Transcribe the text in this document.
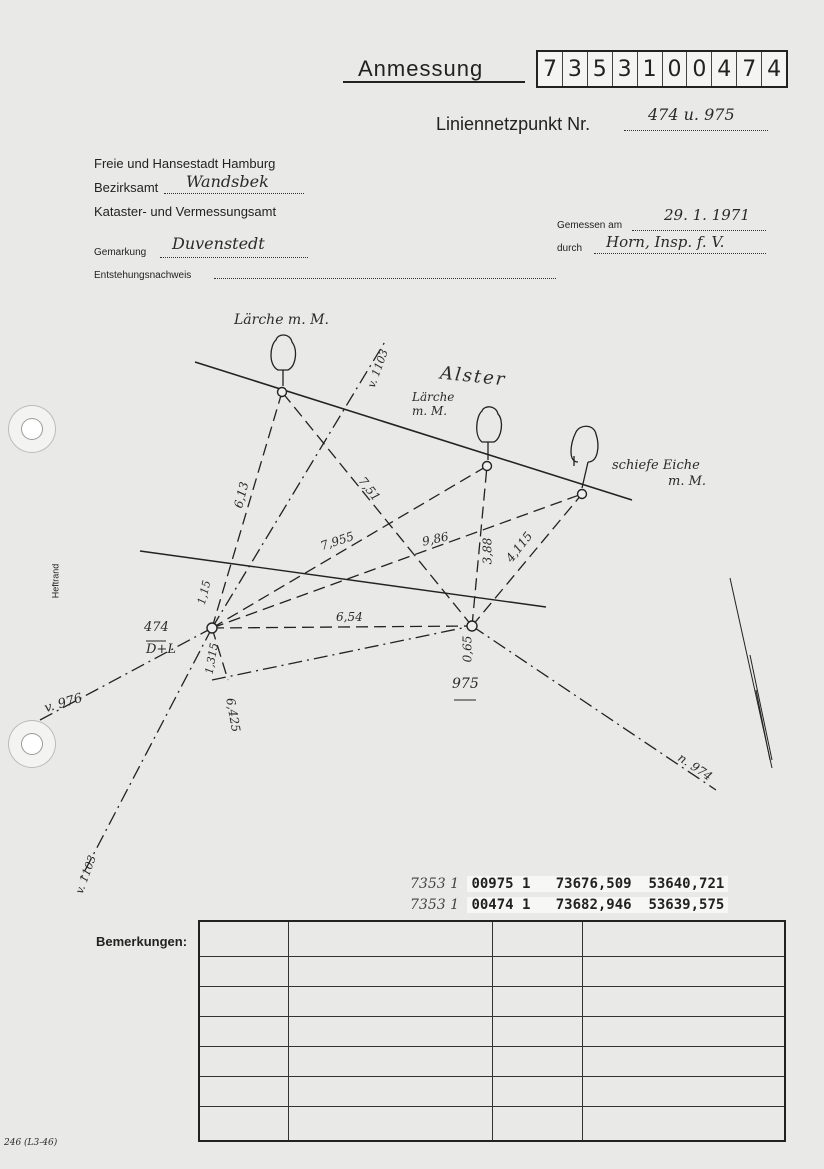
Anmessung	7 3 5 3 1 0 0 4 7 4
Liniennetzpunkt Nr.	474 u. 975
Freie und Hansestadt Hamburg
Bezirksamt Wandsbek
Kataster- und Vermessungsamt
Gemarkung Duvenstedt
Entstehungsnachweis
Gemessen am
29. 1. 1971
durch Horn, Insp. f. V.
Lärche m. M.
Alster
Lärche
m. M.
schiefe Eiche
m. M.
v. 1103
v. 1103
v. 976
n. 974
474
D+L
975
6,13	7,51
7,955	9,86	3,88 4,115
1,15
6,54
0,65
1,315
6,425
Heftrand
7353 1 00975 1   73676,509  53640,721
7353 1 00474 1   73682,946  53639,575
Bemerkungen:

246 (L3-46)
